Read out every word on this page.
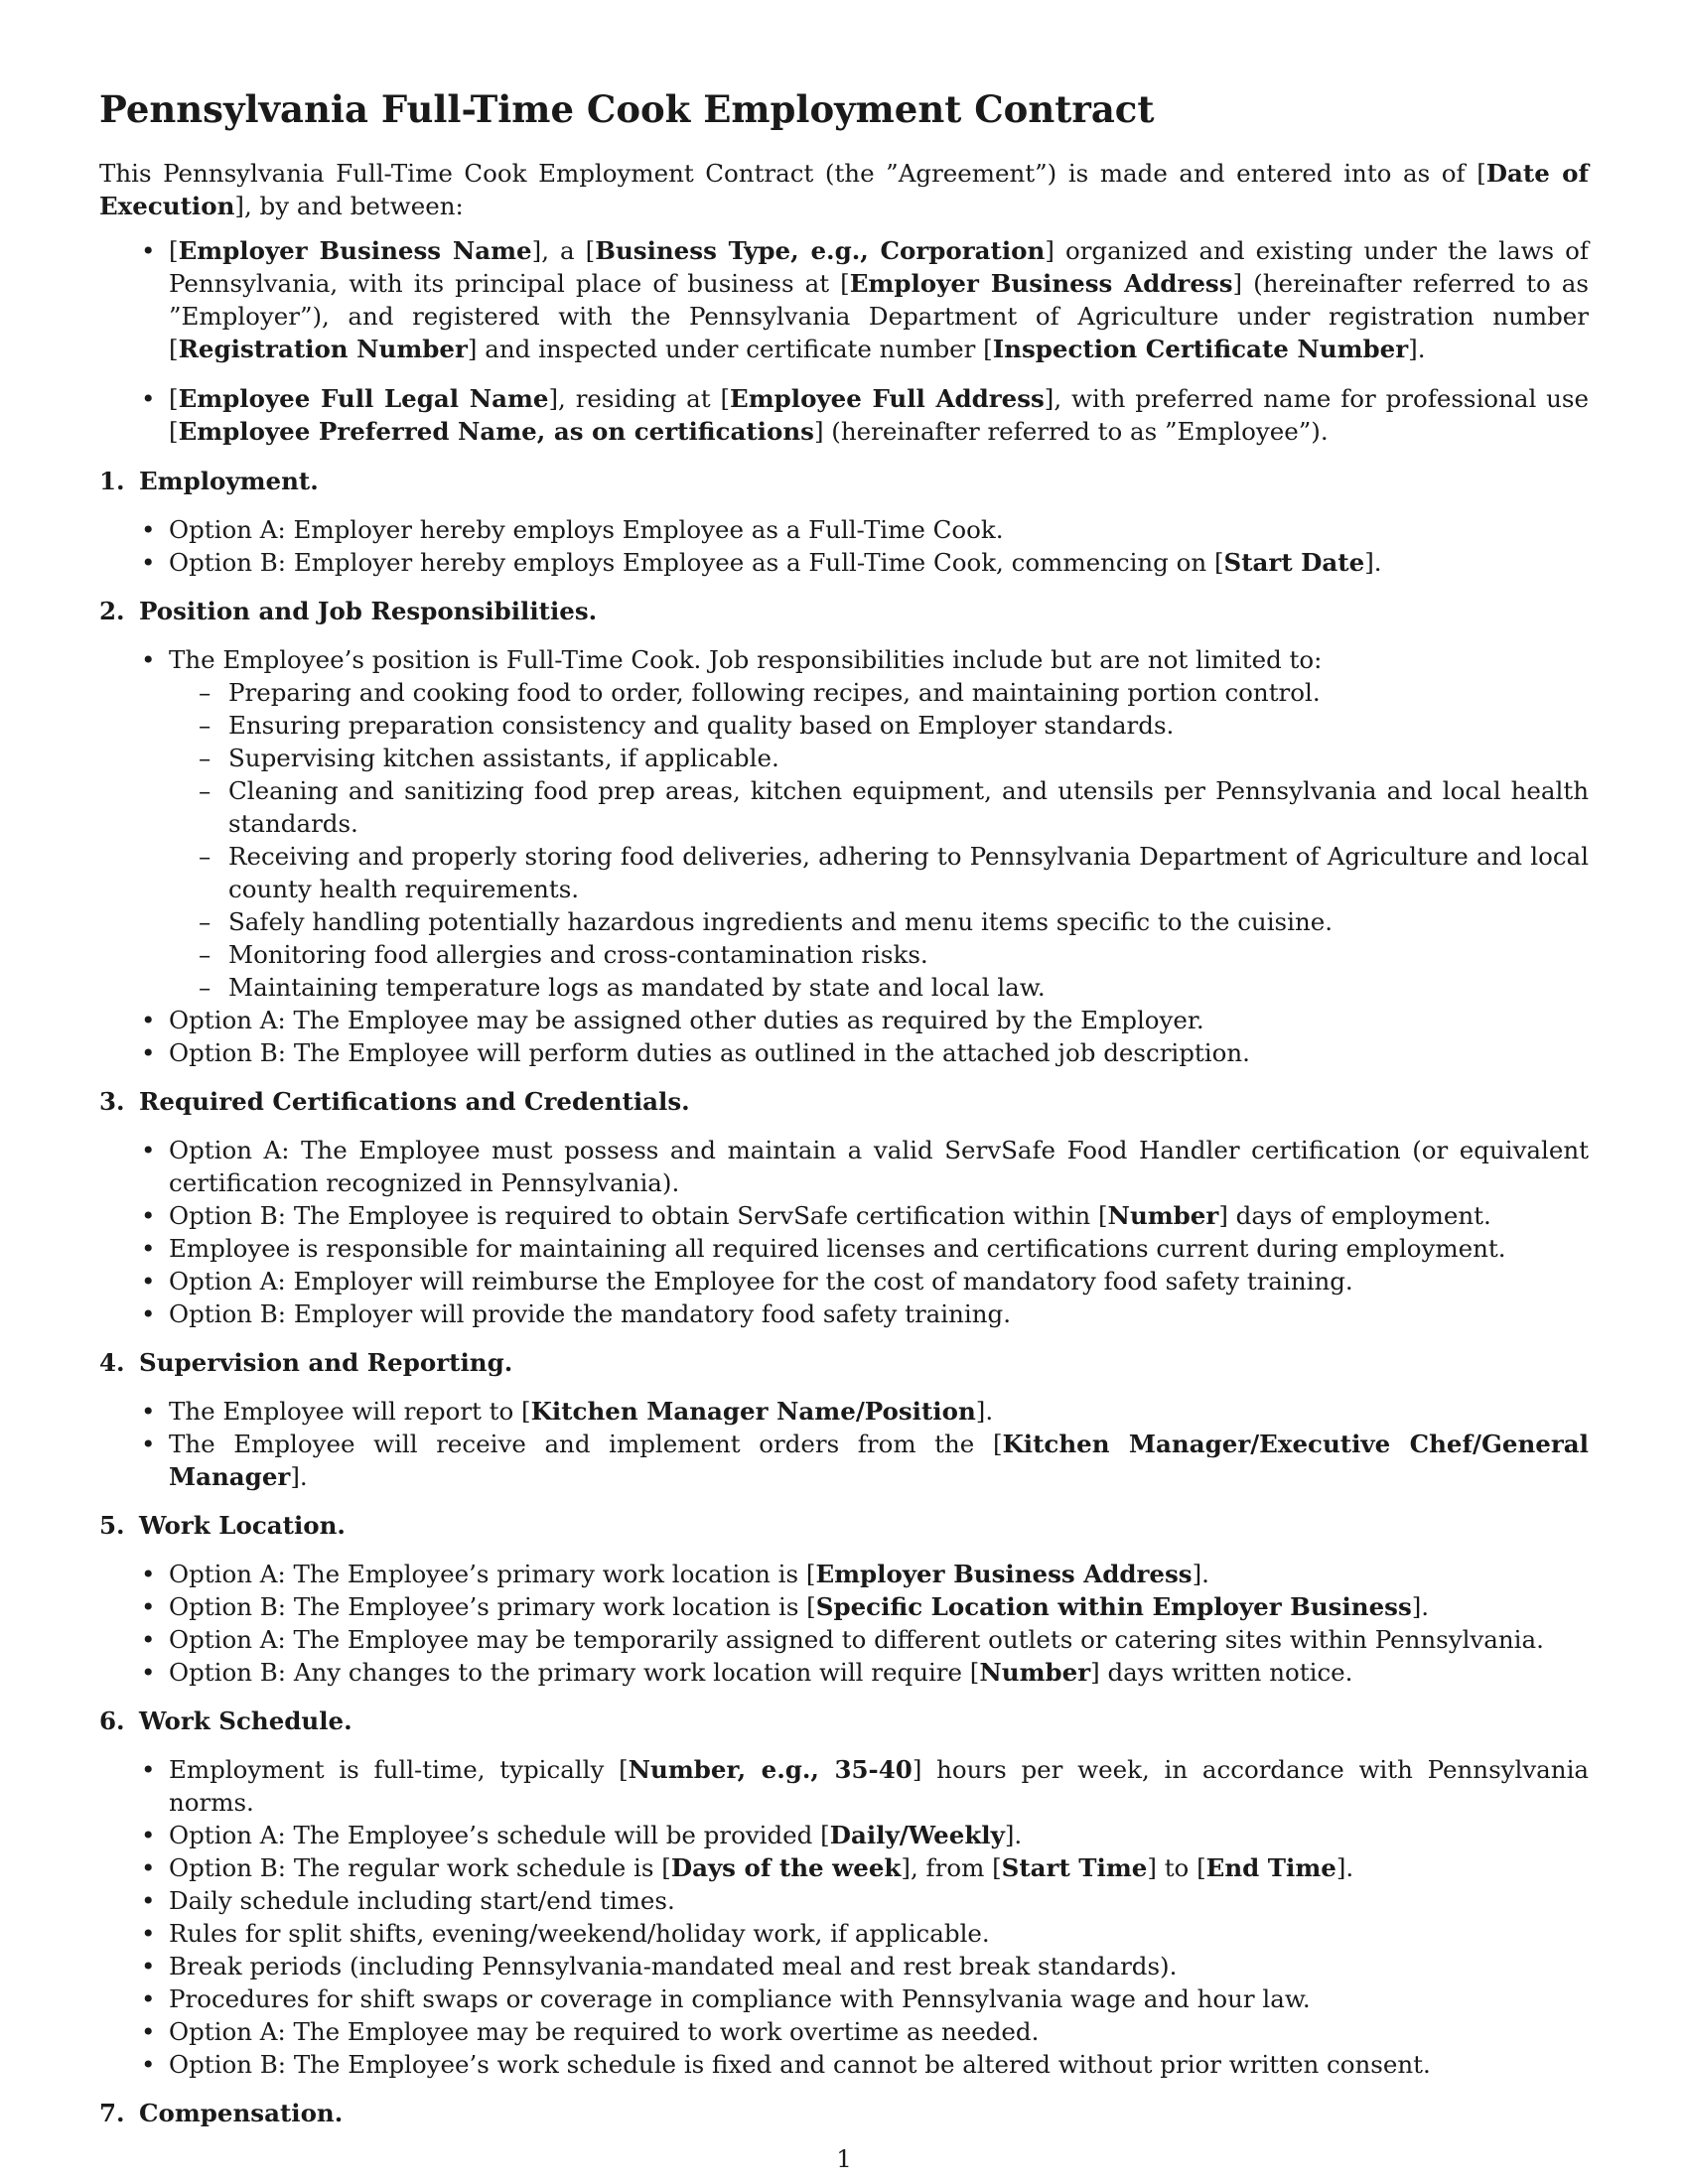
Pennsylvania Full-Time Cook Employment Contract

This Pennsylvania Full-Time Cook Employment Contract (the ”Agreement”) is made and entered into as of [Date of Execution], by and between:

• [Employer Business Name], a [Business Type, e.g., Corporation] organized and existing under the laws of Pennsylvania, with its principal place of business at [Employer Business Address] (hereinafter referred to as ”Employer”), and registered with the Pennsylvania Department of Agriculture under registration number [Registration Number] and inspected under certificate number [Inspection Certificate Number].
• [Employee Full Legal Name], residing at [Employee Full Address], with preferred name for professional use [Employee Preferred Name, as on certifications] (hereinafter referred to as ”Employee”).
1. Employment.
• Option A: Employer hereby employs Employee as a Full-Time Cook.
• Option B: Employer hereby employs Employee as a Full-Time Cook, commencing on [Start Date].
2. Position and Job Responsibilities.
• The Employee’s position is Full-Time Cook. Job responsibilities include but are not limited to:
– Preparing and cooking food to order, following recipes, and maintaining portion control.
– Ensuring preparation consistency and quality based on Employer standards.
– Supervising kitchen assistants, if applicable.
– Cleaning and sanitizing food prep areas, kitchen equipment, and utensils per Pennsylvania and local health standards.
– Receiving and properly storing food deliveries, adhering to Pennsylvania Department of Agriculture and local county health requirements.
– Safely handling potentially hazardous ingredients and menu items specific to the cuisine.
– Monitoring food allergies and cross-contamination risks.
– Maintaining temperature logs as mandated by state and local law.
• Option A: The Employee may be assigned other duties as required by the Employer.
• Option B: The Employee will perform duties as outlined in the attached job description.
3. Required Certifications and Credentials.
• Option A: The Employee must possess and maintain a valid ServSafe Food Handler certification (or equivalent certification recognized in Pennsylvania).
• Option B: The Employee is required to obtain ServSafe certification within [Number] days of employment.
• Employee is responsible for maintaining all required licenses and certifications current during employment.
• Option A: Employer will reimburse the Employee for the cost of mandatory food safety training.
• Option B: Employer will provide the mandatory food safety training.
4. Supervision and Reporting.
• The Employee will report to [Kitchen Manager Name/Position].
• The Employee will receive and implement orders from the [Kitchen Manager/Executive Chef/General Manager].
5. Work Location.
• Option A: The Employee’s primary work location is [Employer Business Address].
• Option B: The Employee’s primary work location is [Specific Location within Employer Business].
• Option A: The Employee may be temporarily assigned to different outlets or catering sites within Pennsylvania.
• Option B: Any changes to the primary work location will require [Number] days written notice.
6. Work Schedule.
• Employment is full-time, typically [Number, e.g., 35-40] hours per week, in accordance with Pennsylvania norms.
• Option A: The Employee’s schedule will be provided [Daily/Weekly].
• Option B: The regular work schedule is [Days of the week], from [Start Time] to [End Time].
• Daily schedule including start/end times.
• Rules for split shifts, evening/weekend/holiday work, if applicable.
• Break periods (including Pennsylvania-mandated meal and rest break standards).
• Procedures for shift swaps or coverage in compliance with Pennsylvania wage and hour law.
• Option A: The Employee may be required to work overtime as needed.
• Option B: The Employee’s work schedule is fixed and cannot be altered without prior written consent.
7. Compensation.
1
